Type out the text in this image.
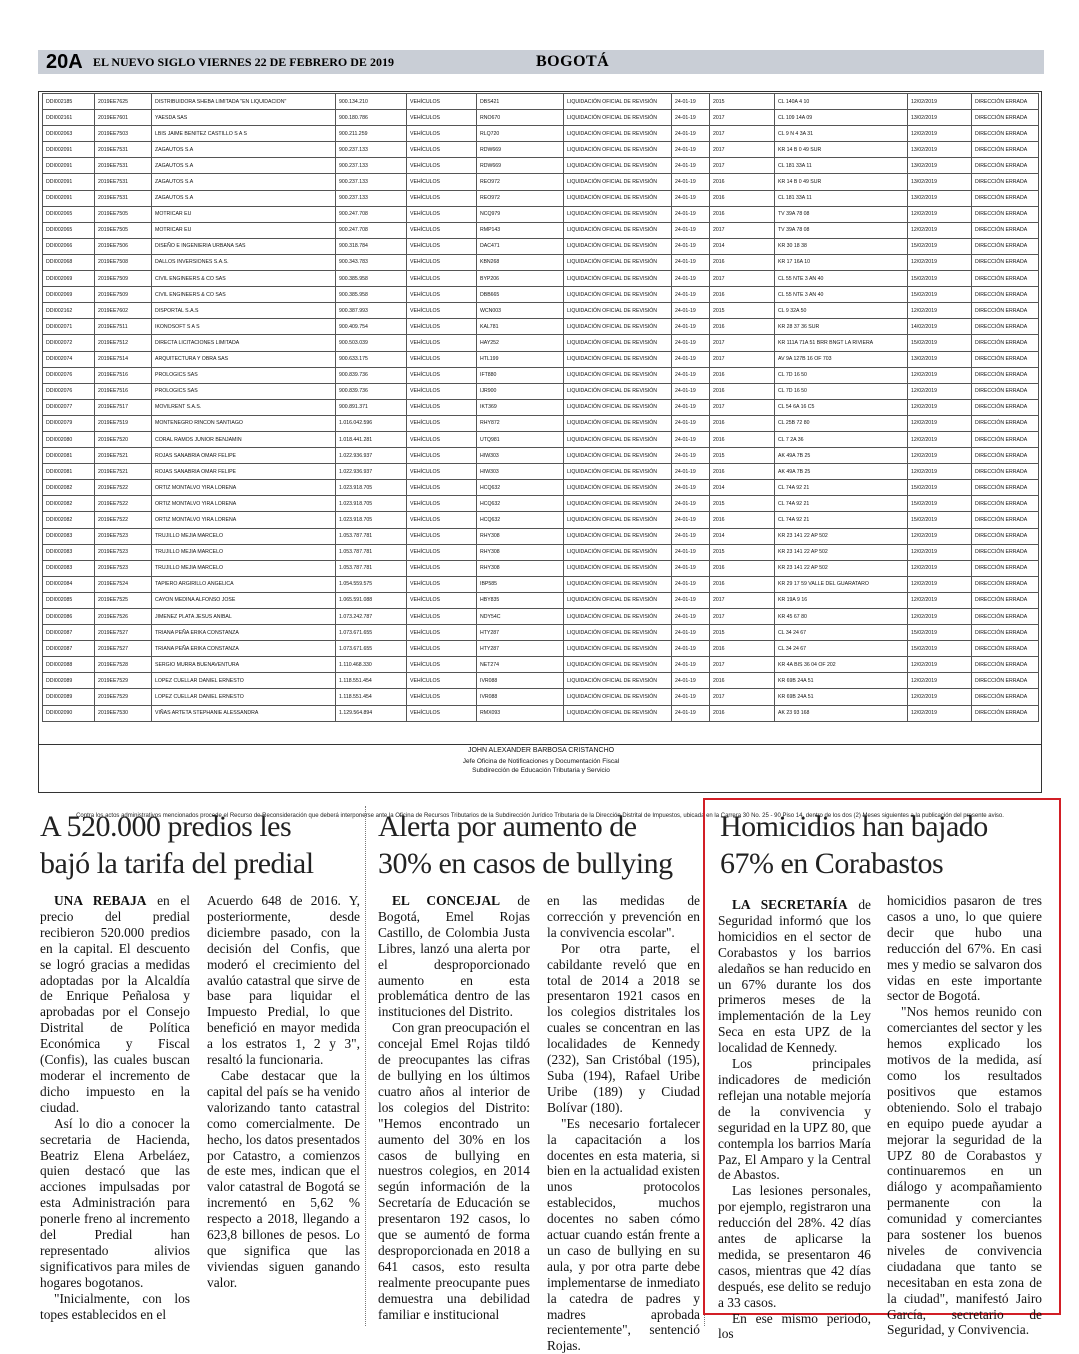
20A EL NUEVO SIGLO VIERNES 22 DE FEBRERO DE 2019	BOGOTÁ
DDI002185	2019EE7625	DISTRIBUIDORA SHEBA LIMITADA "EN LIQUIDACION"	900.134.210	VEHÍCULOS	DBS421	LIQUIDACIÓN OFICIAL DE REVISIÓN	24-01-19	2015	CL 140A 4 10	12/02/2019	DIRECCIÓN ERRADA
DDI002161	2019EE7601	YAESDA SAS	900.180.786	VEHÍCULOS	RNO670	LIQUIDACIÓN OFICIAL DE REVISIÓN	24-01-19	2017	CL 109 14A 09	13/02/2019	DIRECCIÓN ERRADA
DDI002063	2019EE7503	LBIS JAIME BENITEZ CASTILLO S A S	900.211.259	VEHÍCULOS	RLQ720	LIQUIDACIÓN OFICIAL DE REVISIÓN	24-01-19	2017	CL 9 N 4 3A 31	12/02/2019	DIRECCIÓN ERRADA
DDI002091	2019EE7531	ZAGAUTOS S.A	900.237.133	VEHÍCULOS	RDW669	LIQUIDACIÓN OFICIAL DE REVISIÓN	24-01-19	2017	KR 14 B 0 49 SUR	13/02/2019	DIRECCIÓN ERRADA
DDI002091	2019EE7531	ZAGAUTOS S.A	900.237.133	VEHÍCULOS	RDW669	LIQUIDACIÓN OFICIAL DE REVISIÓN	24-01-19	2017	CL 181 33A 11	13/02/2019	DIRECCIÓN ERRADA
DDI002091	2019EE7531	ZAGAUTOS S.A	900.237.133	VEHÍCULOS	REO972	LIQUIDACIÓN OFICIAL DE REVISIÓN	24-01-19	2016	KR 14 B 0 49 SUR	13/02/2019	DIRECCIÓN ERRADA
DDI002091	2019EE7531	ZAGAUTOS S.A	900.237.133	VEHÍCULOS	REO972	LIQUIDACIÓN OFICIAL DE REVISIÓN	24-01-19	2016	CL 181 33A 11	13/02/2019	DIRECCIÓN ERRADA
DDI002065	2019EE7505	MOTRICAR EU	900.247.708	VEHÍCULOS	NCQ979	LIQUIDACIÓN OFICIAL DE REVISIÓN	24-01-19	2016	TV 39A 78 08	12/02/2019	DIRECCIÓN ERRADA
DDI002065	2019EE7505	MOTRICAR EU	900.247.708	VEHÍCULOS	RMP143	LIQUIDACIÓN OFICIAL DE REVISIÓN	24-01-19	2017	TV 39A 78 08	12/02/2019	DIRECCIÓN ERRADA
DDI002066	2019EE7506	DISEÑO E INGENIERIA URBANA SAS	900.318.784	VEHÍCULOS	DAC471	LIQUIDACIÓN OFICIAL DE REVISIÓN	24-01-19	2014	KR 30 18 38	15/02/2019	DIRECCIÓN ERRADA
DDI002068	2019EE7508	DALLOS INVERSIONES S.A.S.	900.343.783	VEHÍCULOS	KBN268	LIQUIDACIÓN OFICIAL DE REVISIÓN	24-01-19	2016	KR 17 16A 10	12/02/2019	DIRECCIÓN ERRADA
DDI002069	2019EE7509	CIVIL ENGINEERS & CO SAS	900.385.958	VEHÍCULOS	BYP206	LIQUIDACIÓN OFICIAL DE REVISIÓN	24-01-19	2017	CL 55 NTE 3 AN 40	15/02/2019	DIRECCIÓN ERRADA
DDI002069	2019EE7509	CIVIL ENGINEERS & CO SAS	900.385.958	VEHÍCULOS	DBB665	LIQUIDACIÓN OFICIAL DE REVISIÓN	24-01-19	2016	CL 55 NTE 3 AN 40	15/02/2019	DIRECCIÓN ERRADA
DDI002162	2019EE7602	DISPORTAL S.A.S	900.387.993	VEHÍCULOS	WCN003	LIQUIDACIÓN OFICIAL DE REVISIÓN	24-01-19	2015	CL 9 32A 50	12/02/2019	DIRECCIÓN ERRADA
DDI002071	2019EE7511	IKONOSOFT S A S	900.409.754	VEHÍCULOS	KAL781	LIQUIDACIÓN OFICIAL DE REVISIÓN	24-01-19	2016	KR 28 37 36 SUR	14/02/2019	DIRECCIÓN ERRADA
DDI002072	2019EE7512	DIRECTA LICITACIONES LIMITADA	900.503.039	VEHÍCULOS	HAY252	LIQUIDACIÓN OFICIAL DE REVISIÓN	24-01-19	2017	KR 111A 71A 51 BRR BNGT LA RIVIERA	15/02/2019	DIRECCIÓN ERRADA
DDI002074	2019EE7514	ARQUITECTURA Y OBRA SAS	900.633.175	VEHÍCULOS	HTL199	LIQUIDACIÓN OFICIAL DE REVISIÓN	24-01-19	2017	AV 9A 127B 16 OF 703	13/02/2019	DIRECCIÓN ERRADA
DDI002076	2019EE7516	PROLOGICS SAS	900.839.736	VEHÍCULOS	IFT880	LIQUIDACIÓN OFICIAL DE REVISIÓN	24-01-19	2016	CL 7D 16 50	12/02/2019	DIRECCIÓN ERRADA
DDI002076	2019EE7516	PROLOGICS SAS	900.839.736	VEHÍCULOS	IJR900	LIQUIDACIÓN OFICIAL DE REVISIÓN	24-01-19	2016	CL 7D 16 50	12/02/2019	DIRECCIÓN ERRADA
DDI002077	2019EE7517	MOVILRENT S.A.S.	900.891.371	VEHÍCULOS	IKT369	LIQUIDACIÓN OFICIAL DE REVISIÓN	24-01-19	2017	CL 54 6A 16 C5	12/02/2019	DIRECCIÓN ERRADA
DDI002079	2019EE7519	MONTENEGRO RINCON SANTIAGO	1.016.042.596	VEHÍCULOS	RHY872	LIQUIDACIÓN OFICIAL DE REVISIÓN	24-01-19	2016	CL 25B 72 80	12/02/2019	DIRECCIÓN ERRADA
DDI002080	2019EE7520	CORAL RAMOS JUNIOR BENJAMIN	1.018.441.281	VEHÍCULOS	UTQ981	LIQUIDACIÓN OFICIAL DE REVISIÓN	24-01-19	2016	CL 7 2A 36	12/02/2019	DIRECCIÓN ERRADA
DDI002081	2019EE7521	ROJAS SANABRIA OMAR FELIPE	1.022.936.937	VEHÍCULOS	HIW303	LIQUIDACIÓN OFICIAL DE REVISIÓN	24-01-19	2015	AK 49A 7B 25	12/02/2019	DIRECCIÓN ERRADA
DDI002081	2019EE7521	ROJAS SANABRIA OMAR FELIPE	1.022.936.937	VEHÍCULOS	HIW303	LIQUIDACIÓN OFICIAL DE REVISIÓN	24-01-19	2016	AK 49A 7B 25	12/02/2019	DIRECCIÓN ERRADA
DDI002082	2019EE7522	ORTIZ MONTALVO YIRA LORENA	1.023.918.705	VEHÍCULOS	HCQ632	LIQUIDACIÓN OFICIAL DE REVISIÓN	24-01-19	2014	CL 74A 92 21	15/02/2019	DIRECCIÓN ERRADA
DDI002082	2019EE7522	ORTIZ MONTALVO YIRA LORENA	1.023.918.705	VEHÍCULOS	HCQ632	LIQUIDACIÓN OFICIAL DE REVISIÓN	24-01-19	2015	CL 74A 92 21	15/02/2019	DIRECCIÓN ERRADA
DDI002082	2019EE7522	ORTIZ MONTALVO YIRA LORENA	1.023.918.705	VEHÍCULOS	HCQ632	LIQUIDACIÓN OFICIAL DE REVISIÓN	24-01-19	2016	CL 74A 92 21	15/02/2019	DIRECCIÓN ERRADA
DDI002083	2019EE7523	TRUJILLO MEJIA MARCELO	1.053.787.781	VEHÍCULOS	RHY308	LIQUIDACIÓN OFICIAL DE REVISIÓN	24-01-19	2014	KR 23 141 22 AP 502	12/02/2019	DIRECCIÓN ERRADA
DDI002083	2019EE7523	TRUJILLO MEJIA MARCELO	1.053.787.781	VEHÍCULOS	RHY308	LIQUIDACIÓN OFICIAL DE REVISIÓN	24-01-19	2015	KR 23 141 22 AP 502	12/02/2019	DIRECCIÓN ERRADA
DDI002083	2019EE7523	TRUJILLO MEJIA MARCELO	1.053.787.781	VEHÍCULOS	RHY308	LIQUIDACIÓN OFICIAL DE REVISIÓN	24-01-19	2016	KR 23 141 22 AP 502	12/02/2019	DIRECCIÓN ERRADA
DDI002084	2019EE7524	TAPIERO ARGIRILLO ANGELICA	1.054.559.575	VEHÍCULOS	IBP585	LIQUIDACIÓN OFICIAL DE REVISIÓN	24-01-19	2016	KR 29 17 59 VALLE DEL GUARATARO	12/02/2019	DIRECCIÓN ERRADA
DDI002085	2019EE7525	CAYON MEDINA ALFONSO JOSE	1.065.591.088	VEHÍCULOS	HBY835	LIQUIDACIÓN OFICIAL DE REVISIÓN	24-01-19	2017	KR 19A 9 16	12/02/2019	DIRECCIÓN ERRADA
DDI002086	2019EE7526	JIMENEZ PLATA JESUS ANIBAL	1.073.242.787	VEHÍCULOS	NDY54C	LIQUIDACIÓN OFICIAL DE REVISIÓN	24-01-19	2017	KR 45 67 80	12/02/2019	DIRECCIÓN ERRADA
DDI002087	2019EE7527	TRIANA PEÑA ERIKA CONSTANZA	1.073.671.655	VEHÍCULOS	HTY287	LIQUIDACIÓN OFICIAL DE REVISIÓN	24-01-19	2015	CL 34 24 67	15/02/2019	DIRECCIÓN ERRADA
DDI002087	2019EE7527	TRIANA PEÑA ERIKA CONSTANZA	1.073.671.655	VEHÍCULOS	HTY287	LIQUIDACIÓN OFICIAL DE REVISIÓN	24-01-19	2016	CL 34 24 67	15/02/2019	DIRECCIÓN ERRADA
DDI002088	2019EE7528	SERGIO MURRA BUENAVENTURA	1.110.468.330	VEHÍCULOS	NET274	LIQUIDACIÓN OFICIAL DE REVISIÓN	24-01-19	2017	KR 4A BIS 36 04 OF 202	12/02/2019	DIRECCIÓN ERRADA
DDI002089	2019EE7529	LOPEZ CUELLAR DANIEL ERNESTO	1.118.551.454	VEHÍCULOS	IVR088	LIQUIDACIÓN OFICIAL DE REVISIÓN	24-01-19	2016	KR 69B 24A 51	12/02/2019	DIRECCIÓN ERRADA
DDI002089	2019EE7529	LOPEZ CUELLAR DANIEL ERNESTO	1.118.551.454	VEHÍCULOS	IVR088	LIQUIDACIÓN OFICIAL DE REVISIÓN	24-01-19	2017	KR 69B 24A 51	12/02/2019	DIRECCIÓN ERRADA
DDI002090	2019EE7530	VIÑAS ARTETA STEPHANIE ALESSANDRA	1.129.564.894	VEHÍCULOS	RMX093	LIQUIDACIÓN OFICIAL DE REVISIÓN	24-01-19	2016	AK 23 93 168	12/02/2019	DIRECCIÓN ERRADA
Contra los actos administrativos mencionados procede el Recurso de Reconsideración que deberá interponerse ante la Oficina de Recursos Tributarios de la Subdirección Jurídico Tributaria de la Dirección Distrital de Impuestos, ubicada en la Carrera 30 No. 25 - 90 Piso 14, dentro de los dos (2) Meses siguientes a la publicación del presente aviso.
JOHN ALEXANDER BARBOSA CRISTANCHO
Jefe Oficina de Notificaciones y Documentación Fiscal
Subdirección de Educación Tributaria y Servicio
A 520.000 predios les
bajó la tarifa del predial

UNA REBAJA en el precio del predial recibieron 520.000 predios en la capital. El descuento se logró gracias a medidas adoptadas por la Alcaldía de Enrique Peñalosa y aprobadas por el Consejo Distrital de Política Económica y Fiscal (Confis), las cuales buscan moderar el incremento de dicho impuesto en la ciudad.

Así lo dio a conocer la secretaria de Hacienda, Beatriz Elena Arbeláez, quien destacó que las acciones impulsadas por esta Administración para ponerle freno al incremento del Predial han representado alivios significativos para miles de hogares bogotanos.

"Inicialmente, con los topes establecidos en el

Acuerdo 648 de 2016. Y, posteriormente, desde diciembre pasado, con la decisión del Confis, que moderó el crecimiento del avalúo catastral que sirve de base para liquidar el Impuesto Predial, lo que benefició en mayor medida a los estratos 1, 2 y 3", resaltó la funcionaria.

Cabe destacar que la capital del país se ha venido valorizando tanto catastral como comercialmente. De hecho, los datos presentados por Catastro, a comienzos de este mes, indican que el valor catastral de Bogotá se incrementó en 5,62 % respecto a 2018, llegando a 623,8 billones de pesos. Lo que significa que las viviendas siguen ganando valor.

Alerta por aumento de
30% en casos de bullying

EL CONCEJAL de Bogotá, Emel Rojas Castillo, de Colombia Justa Libres, lanzó una alerta por el desproporcionado aumento en esta problemática dentro de las instituciones del Distrito.

Con gran preocupación el concejal Emel Rojas tildó de preocupantes las cifras de bullying en los últimos cuatro años al interior de los colegios del Distrito: "Hemos encontrado un aumento del 30% en los casos de bullying en nuestros colegios, en 2014 según información de la Secretaría de Educación se presentaron 192 casos, lo que se aumentó de forma desproporcionada en 2018 a 641 casos, esto resulta realmente preocupante pues demuestra una debilidad familiar e institucional

en las medidas de corrección y prevención en la convivencia escolar".

Por otra parte, el cabildante reveló que en total de 2014 a 2018 se presentaron 1921 casos en los colegios distritales los cuales se concentran en las localidades de Kennedy (232), San Cristóbal (195), Suba (194), Rafael Uribe Uribe (189) y Ciudad Bolívar (180).

"Es necesario fortalecer la capacitación a los docentes en esta materia, si bien en la actualidad existen unos protocolos establecidos, muchos docentes no saben cómo actuar cuando están frente a un caso de bullying en su aula, y por otra parte debe implementarse de inmediato la catedra de padres y madres aprobada recientemente", sentenció Rojas.

Homicidios han bajado
67% en Corabastos

LA SECRETARÍA de Seguridad informó que los homicidios en el sector de Corabastos y los barrios aledaños se han reducido en un 67% durante los dos primeros meses de la implementación de la Ley Seca en esta UPZ de la localidad de Kennedy.

Los principales indicadores de medición reflejan una notable mejoría de la convivencia y seguridad en la UPZ 80, que contempla los barrios María Paz, El Amparo y la Central de Abastos.

Las lesiones personales, por ejemplo, registraron una reducción del 28%. 42 días antes de aplicarse la medida, se presentaron 46 casos, mientras que 42 días después, ese delito se redujo a 33 casos.

En ese mismo periodo, los

homicidios pasaron de tres casos a uno, lo que quiere decir que hubo una reducción del 67%. En casi mes y medio se salvaron dos vidas en este importante sector de Bogotá.

"Nos hemos reunido con comerciantes del sector y les hemos explicado los motivos de la medida, así como los resultados positivos que estamos obteniendo. Solo el trabajo en equipo puede ayudar a mejorar la seguridad de la UPZ 80 de Corabastos y continuaremos en un diálogo y acompañamiento permanente con la comunidad y comerciantes para sostener los buenos niveles de convivencia ciudadana que tanto se necesitaban en esta zona de la ciudad", manifestó Jairo García, secretario de Seguridad, y Convivencia.
